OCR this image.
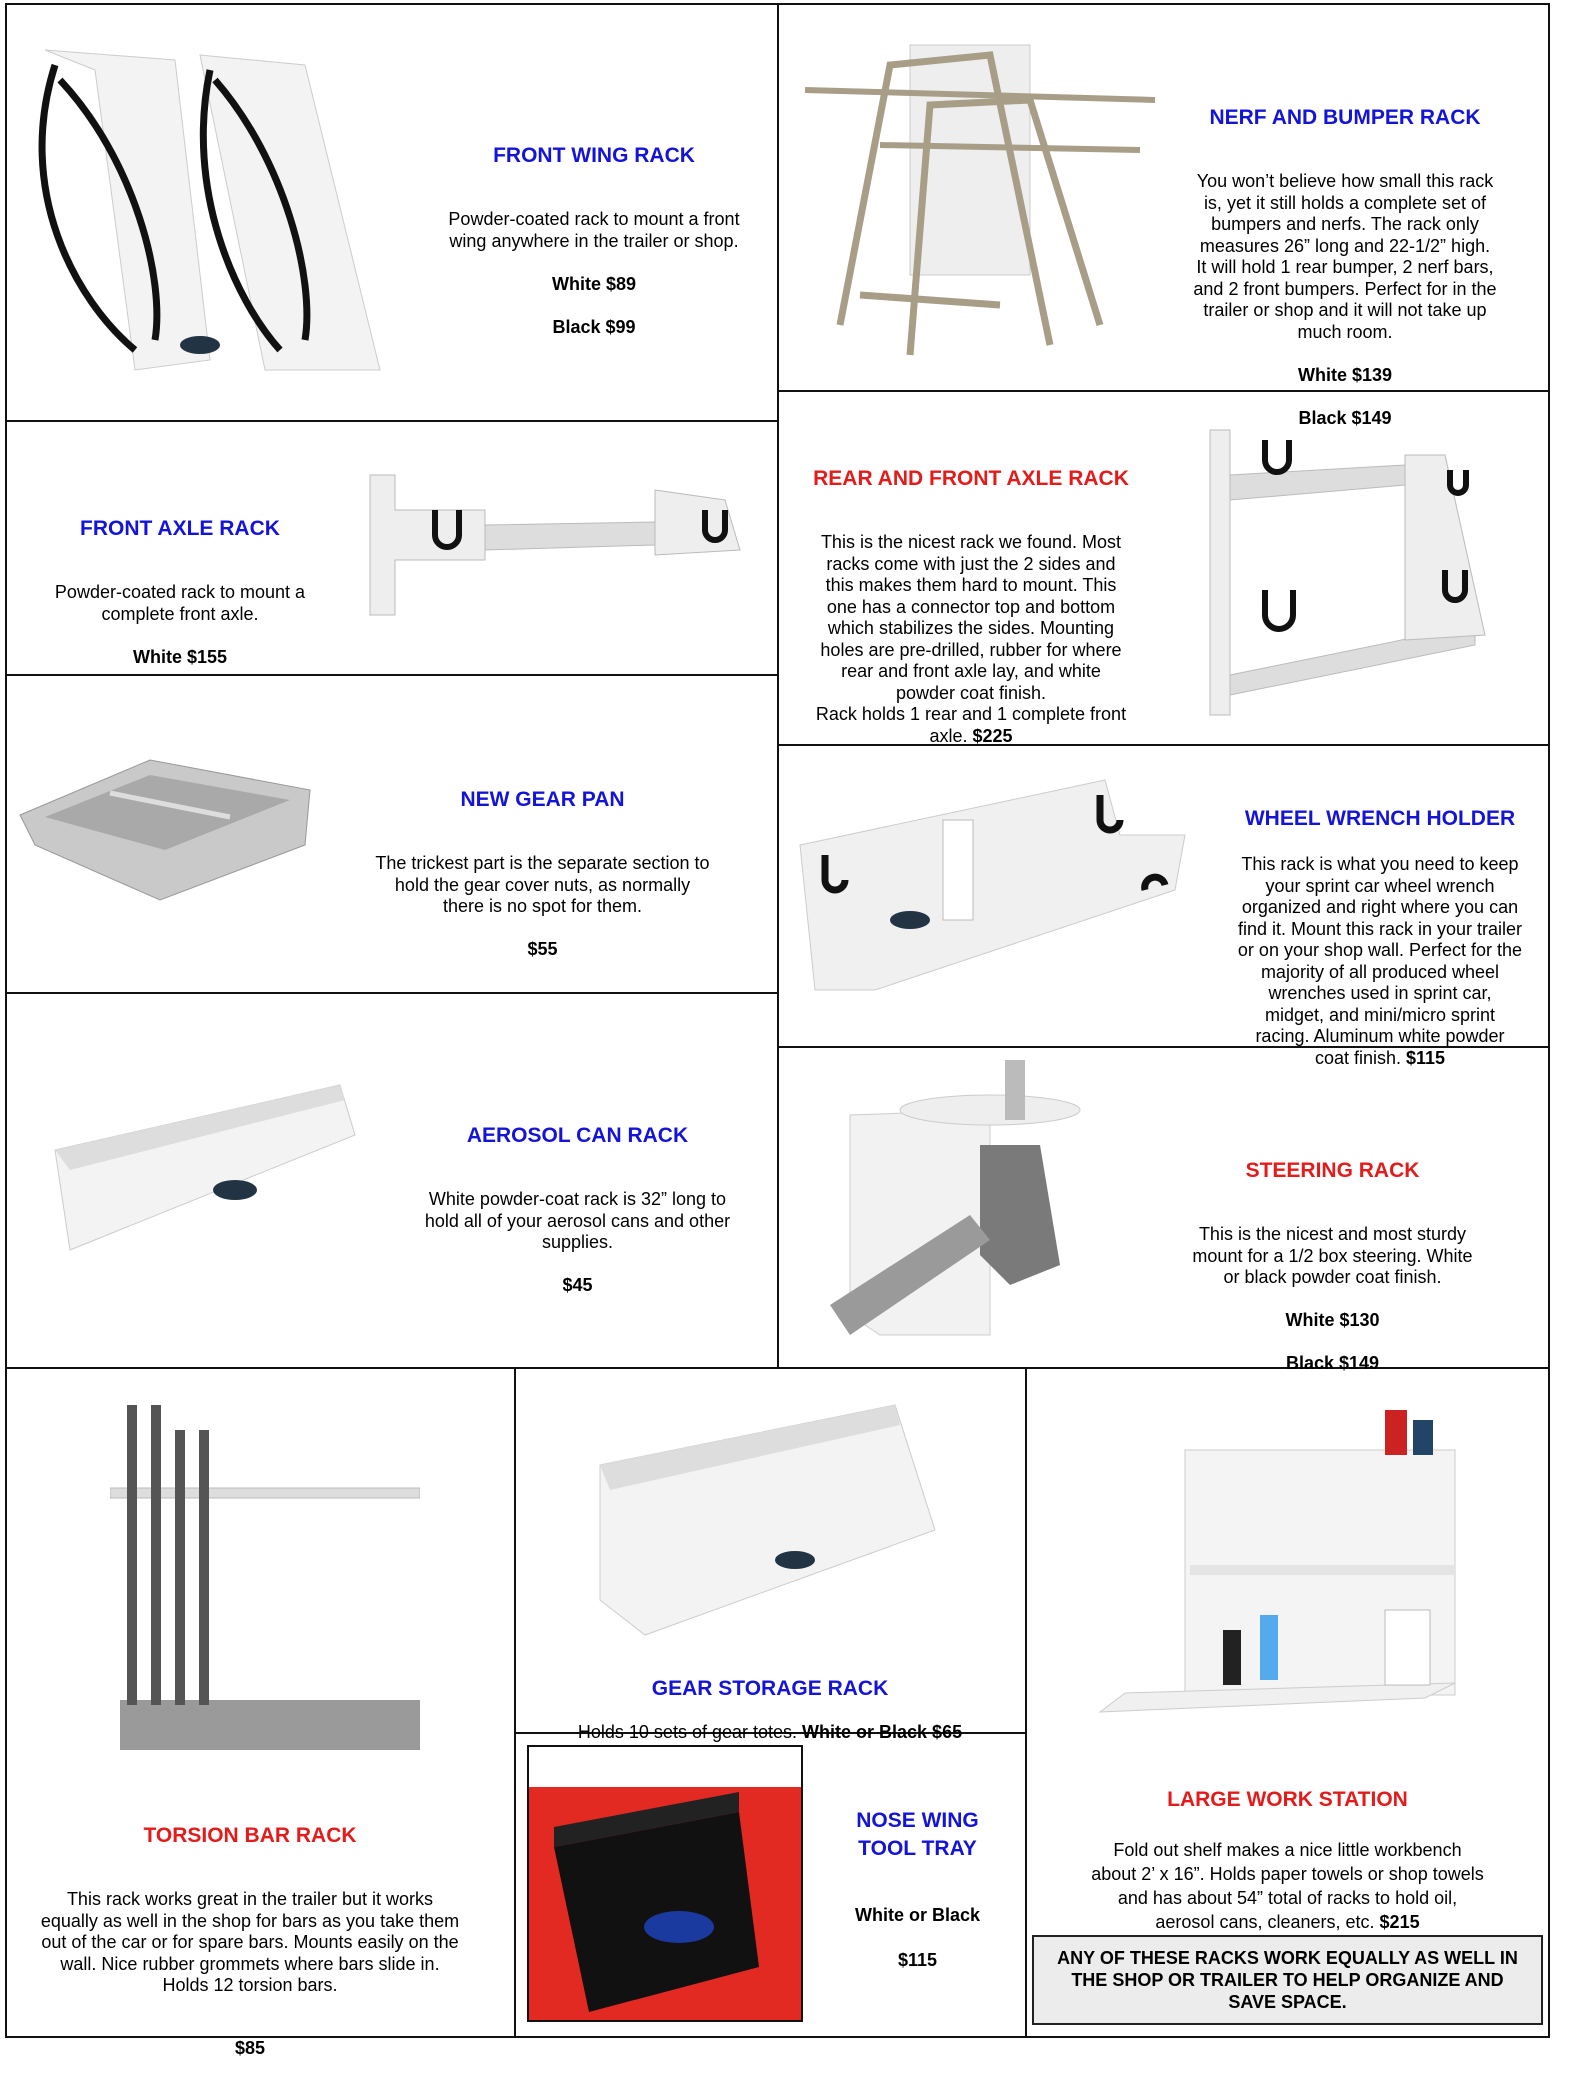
FRONT WING RACK

Powder-coated rack to mount a front
wing anywhere in the trailer or shop.

White $89

Black $99

NERF AND BUMPER RACK

You won’t believe how small this rack
is, yet it still holds a complete set of
bumpers and nerfs. The rack only
measures 26” long and 22-1/2” high.
It will hold 1 rear bumper, 2 nerf bars,
and 2 front bumpers. Perfect for in the
trailer or shop and it will not take up
much room.

White $139

Black $149

FRONT AXLE RACK

Powder-coated rack to mount a
complete front axle.

White $155

REAR AND FRONT AXLE RACK

This is the nicest rack we found. Most
racks come with just the 2 sides and
this makes them hard to mount. This
one has a connector top and bottom
which stabilizes the sides. Mounting
holes are pre-drilled, rubber for where
rear and front axle lay, and white
powder coat finish.
Rack holds 1 rear and 1 complete front
axle. $225

NEW GEAR PAN

The trickest part is the separate section to
hold the gear cover nuts, as normally
there is no spot for them.

$55

WHEEL WRENCH HOLDER

This rack is what you need to keep
your sprint car wheel wrench
organized and right where you can
find it. Mount this rack in your trailer
or on your shop wall. Perfect for the
majority of all produced wheel
wrenches used in sprint car,
midget, and mini/micro sprint
racing. Aluminum white powder
coat finish. $115

AEROSOL CAN RACK

White powder-coat rack is 32” long to
hold all of your aerosol cans and other
supplies.

$45

STEERING RACK

This is the nicest and most sturdy
mount for a 1/2 box steering. White
or black powder coat finish.

White $130

Black $149

TORSION BAR RACK

This rack works great in the trailer but it works
equally as well in the shop for bars as you take them
out of the car or for spare bars. Mounts easily on the
wall. Nice rubber grommets where bars slide in.
Holds 12 torsion bars.

$85

GEAR STORAGE RACK

Holds 10 sets of gear totes. White or Black $65

NOSE WING
TOOL TRAY

White or Black

$115

LARGE WORK STATION

Fold out shelf makes a nice little workbench
about 2’ x 16”. Holds paper towels or shop towels
and has about 54” total of racks to hold oil,
aerosol cans, cleaners, etc. $215

ANY OF THESE RACKS WORK EQUALLY AS WELL IN
THE SHOP OR TRAILER TO HELP ORGANIZE AND
SAVE SPACE.
